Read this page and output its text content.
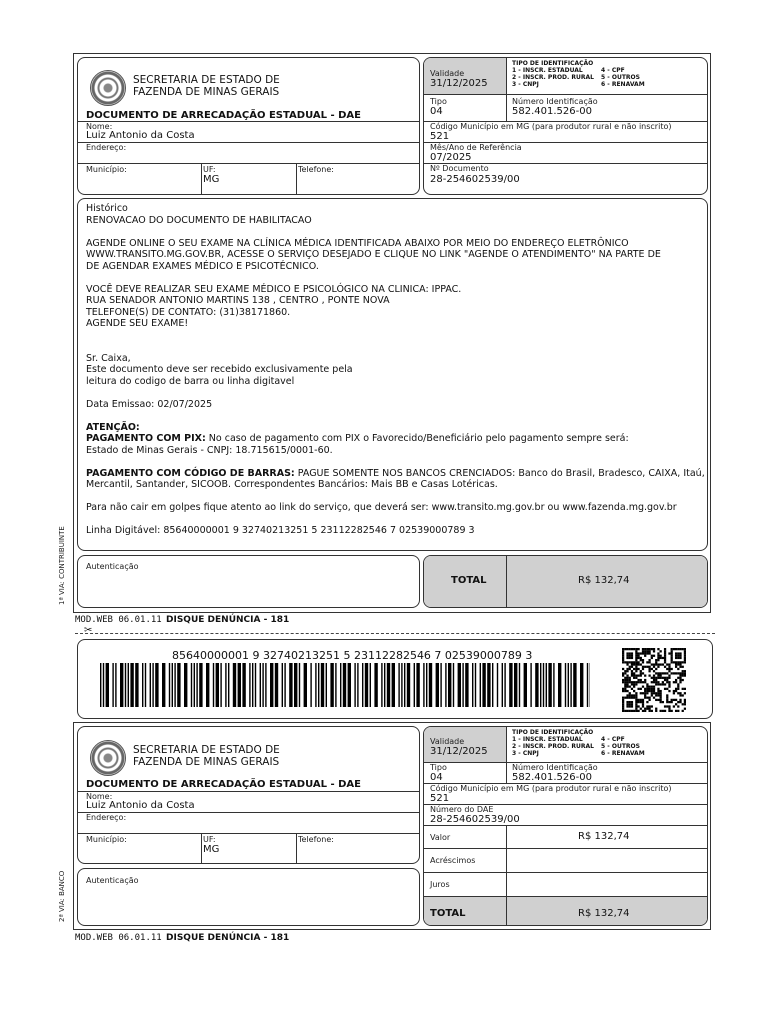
SECRETARIA DE ESTADO DE
FAZENDA DE MINAS GERAIS
DOCUMENTO DE ARRECADAÇÃO ESTADUAL - DAE
Nome:
Luiz Antonio da Costa
Endereço:
Município:	UF:
MG
Telefone:
Validade
31/12/2025
TIPO DE IDENTIFICAÇÃO
1 - INSCR. ESTADUAL
2 - INSCR. PROD. RURAL
3 - CNPJ
4 - CPF
5 - OUTROS
6 - RENAVAM
Tipo
04
Número Identificação
582.401.526-00
Código Município em MG (para produtor rural e não inscrito)
521
Mês/Ano de Referência
07/2025
Nº Documento
28-254602539/00

Histórico

RENOVACAO DO DOCUMENTO DE HABILITACAO

AGENDE ONLINE O SEU EXAME NA CLÍNICA MÉDICA IDENTIFICADA ABAIXO POR MEIO DO ENDEREÇO ELETRÔNICO

WWW.TRANSITO.MG.GOV.BR, ACESSE O SERVIÇO DESEJADO E CLIQUE NO LINK "AGENDE O ATENDIMENTO" NA PARTE DE

DE AGENDAR EXAMES MÉDICO E PSICOTÉCNICO.

VOCÊ DEVE REALIZAR SEU EXAME MÉDICO E PSICOLÓGICO NA CLINICA: IPPAC.

RUA SENADOR ANTONIO MARTINS 138 , CENTRO , PONTE NOVA

TELEFONE(S) DE CONTATO: (31)38171860.

AGENDE SEU EXAME!

Sr. Caixa,

Este documento deve ser recebido exclusivamente pela

leitura do codigo de barra ou linha digitavel

Data Emissao: 02/07/2025

ATENÇÃO:

PAGAMENTO COM PIX: No caso de pagamento com PIX o Favorecido/Beneficiário pelo pagamento sempre será:

Estado de Minas Gerais - CNPJ: 18.715615/0001-60.

PAGAMENTO COM CÓDIGO DE BARRAS: PAGUE SOMENTE NOS BANCOS CRENCIADOS: Banco do Brasil, Bradesco, CAIXA, Itaú,

Mercantil, Santander, SICOOB. Correspondentes Bancários: Mais BB e Casas Lotéricas.

Para não cair em golpes fique atento ao link do serviço, que deverá ser: www.transito.mg.gov.br ou www.fazenda.mg.gov.br

Linha Digitável: 85640000001 9 32740213251 5 23112282546 7 02539000789 3

Autenticação
TOTAL	R$ 132,74
1ª VIA: CONTRIBUINTE
MOD.WEB 06.01.11 DISQUE DENÚNCIA - 181
✂
85640000001 9 32740213251 5 23112282546 7 02539000789 3
SECRETARIA DE ESTADO DE
FAZENDA DE MINAS GERAIS
DOCUMENTO DE ARRECADAÇÃO ESTADUAL - DAE
Nome:
Luiz Antonio da Costa
Endereço:
Município:	UF:
MG
Telefone:
Validade
31/12/2025
TIPO DE IDENTIFICAÇÃO
1 - INSCR. ESTADUAL
2 - INSCR. PROD. RURAL
3 - CNPJ
4 - CPF
5 - OUTROS
6 - RENAVAM
Tipo
04
Número Identificação
582.401.526-00
Código Município em MG (para produtor rural e não inscrito)
521
Número do DAE
28-254602539/00
Valor	R$ 132,74
Acréscimos
Juros
TOTAL	R$ 132,74
Autenticação
2ª VIA: BANCO
MOD.WEB 06.01.11 DISQUE DENÚNCIA - 181
